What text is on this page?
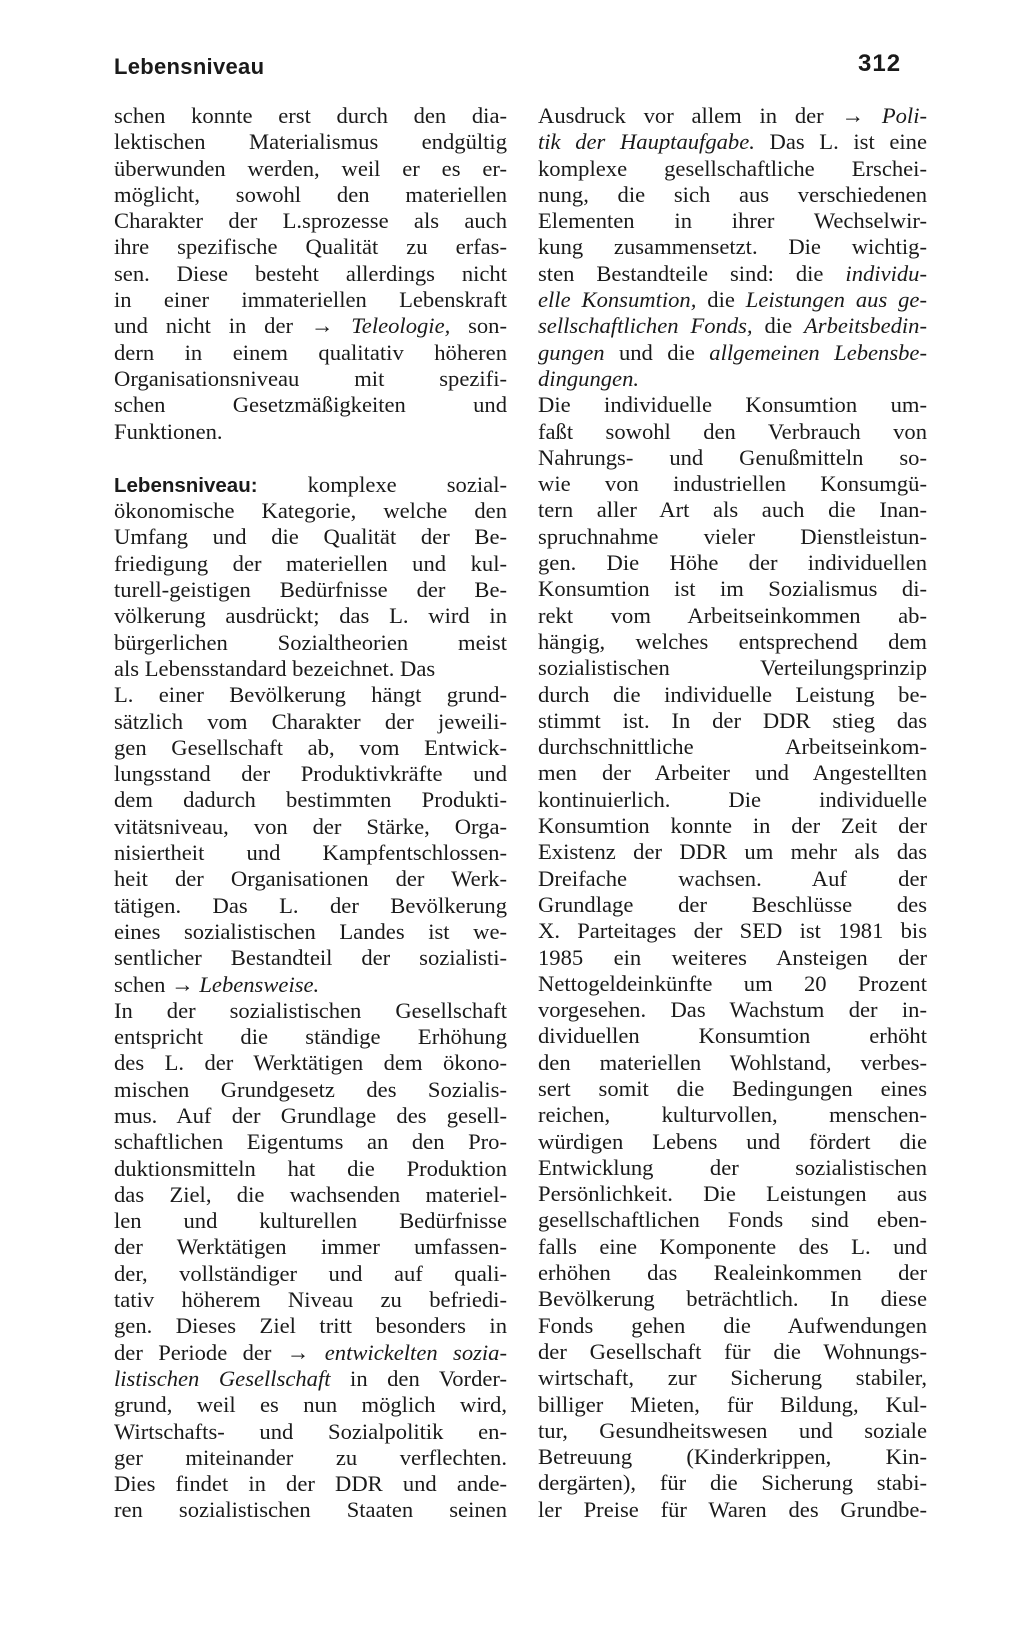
Lebensniveau	312
schen konnte erst durch den dia-
lektischen Materialismus endgültig
überwunden werden, weil er es er-
möglicht, sowohl den materiellen
Charakter der L.sprozesse als auch
ihre spezifische Qualität zu erfas-
sen. Diese besteht allerdings nicht
in einer immateriellen Lebenskraft
und nicht in der → Teleologie, son-
dern in einem qualitativ höheren
Organisationsniveau mit spezifi-
schen Gesetzmäßigkeiten und
Funktionen.
Lebensniveau: komplexe sozial-
ökonomische Kategorie, welche den
Umfang und die Qualität der Be-
friedigung der materiellen und kul-
turell-geistigen Bedürfnisse der Be-
völkerung ausdrückt; das L. wird in
bürgerlichen Sozialtheorien meist
als Lebensstandard bezeichnet. Das
L. einer Bevölkerung hängt grund-
sätzlich vom Charakter der jeweili-
gen Gesellschaft ab, vom Entwick-
lungsstand der Produktivkräfte und
dem dadurch bestimmten Produkti-
vitätsniveau, von der Stärke, Orga-
nisiertheit und Kampfentschlossen-
heit der Organisationen der Werk-
tätigen. Das L. der Bevölkerung
eines sozialistischen Landes ist we-
sentlicher Bestandteil der sozialisti-
schen → Lebensweise.
In der sozialistischen Gesellschaft
entspricht die ständige Erhöhung
des L. der Werktätigen dem ökono-
mischen Grundgesetz des Sozialis-
mus. Auf der Grundlage des gesell-
schaftlichen Eigentums an den Pro-
duktionsmitteln hat die Produktion
das Ziel, die wachsenden materiel-
len und kulturellen Bedürfnisse
der Werktätigen immer umfassen-
der, vollständiger und auf quali-
tativ höherem Niveau zu befriedi-
gen. Dieses Ziel tritt besonders in
der Periode der → entwickelten soziа-
listischen Gesellschaft in den Vorder-
grund, weil es nun möglich wird,
Wirtschafts- und Sozialpolitik en-
ger miteinander zu verflechten.
Dies findet in der DDR und ande-
ren sozialistischen Staaten seinen
Ausdruck vor allem in der → Poli-
tik der Hauptaufgabe. Das L. ist eine
komplexe gesellschaftliche Erschei-
nung, die sich aus verschiedenen
Elementen in ihrer Wechselwir-
kung zusammensetzt. Die wichtig-
sten Bestandteile sind: die individu-
elle Konsumtion, die Leistungen aus ge-
sellschaftlichen Fonds, die Arbeitsbedin-
gungen und die allgemeinen Lebensbe-
dingungen.
Die individuelle Konsumtion um-
faßt sowohl den Verbrauch von
Nahrungs- und Genußmitteln so-
wie von industriellen Konsumgü-
tern aller Art als auch die Inan-
spruchnahme vieler Dienstleistun-
gen. Die Höhe der individuellen
Konsumtion ist im Sozialismus di-
rekt vom Arbeitseinkommen ab-
hängig, welches entsprechend dem
sozialistischen Verteilungsprinzip
durch die individuelle Leistung be-
stimmt ist. In der DDR stieg das
durchschnittliche Arbeitseinkom-
men der Arbeiter und Angestellten
kontinuierlich. Die individuelle
Konsumtion konnte in der Zeit der
Existenz der DDR um mehr als das
Dreifache wachsen. Auf der
Grundlage der Beschlüsse des
X. Parteitages der SED ist 1981 bis
1985 ein weiteres Ansteigen der
Nettogeldeinkünfte um 20 Prozent
vorgesehen. Das Wachstum der in-
dividuellen Konsumtion erhöht
den materiellen Wohlstand, verbes-
sert somit die Bedingungen eines
reichen, kulturvollen, menschen-
würdigen Lebens und fördert die
Entwicklung der sozialistischen
Persönlichkeit. Die Leistungen aus
gesellschaftlichen Fonds sind eben-
falls eine Komponente des L. und
erhöhen das Realeinkommen der
Bevölkerung beträchtlich. In diese
Fonds gehen die Aufwendungen
der Gesellschaft für die Wohnungs-
wirtschaft, zur Sicherung stabiler,
billiger Mieten, für Bildung, Kul-
tur, Gesundheitswesen und soziale
Betreuung (Kinderkrippen, Kin-
dergärten), für die Sicherung stabi-
ler Preise für Waren des Grundbe-
